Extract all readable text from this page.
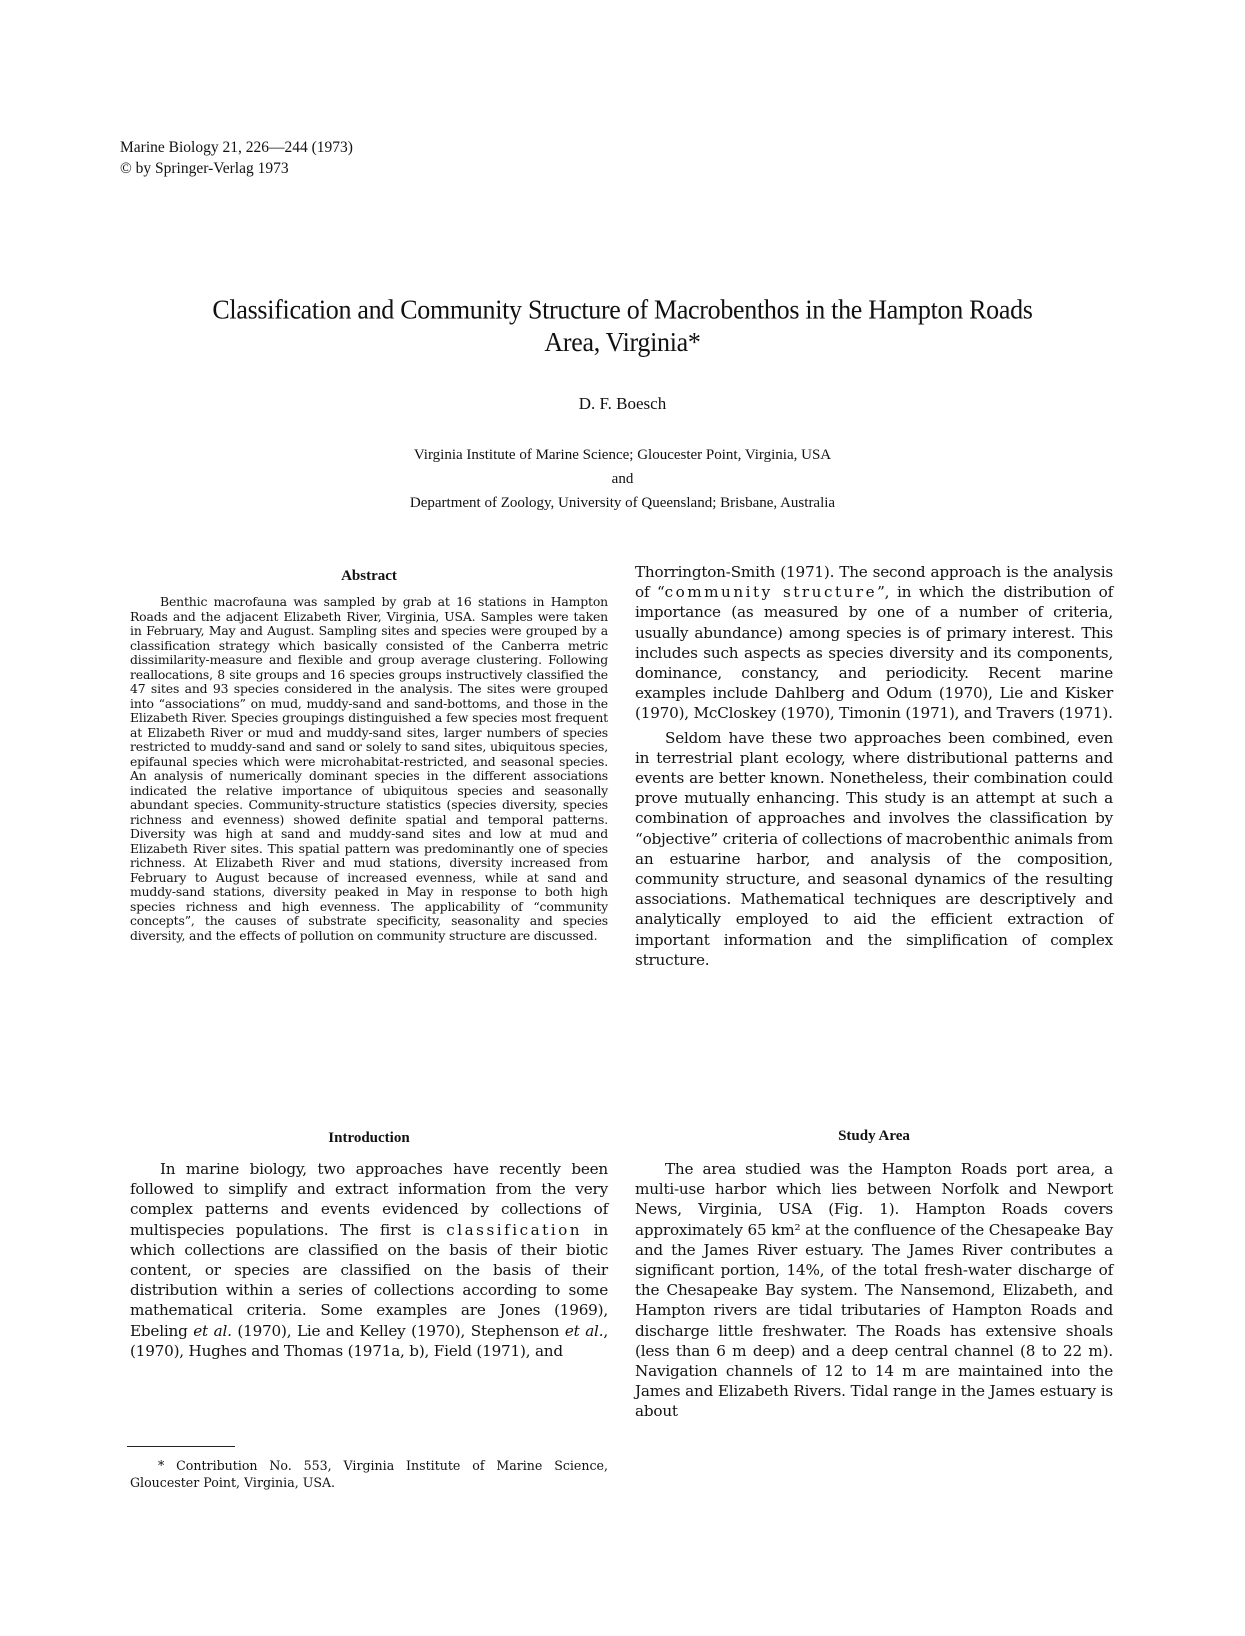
Marine Biology 21, 226—244 (1973)
© by Springer-Verlag 1973
Classification and Community Structure of Macrobenthos in the Hampton Roads
Area, Virginia*
D. F. Boesch
Virginia Institute of Marine Science; Gloucester Point, Virginia, USA
and
Department of Zoology, University of Queensland; Brisbane, Australia
Abstract

Benthic macrofauna was sampled by grab at 16 stations in Hampton Roads and the adjacent Elizabeth River, Virginia, USA. Samples were taken in February, May and August. Sampling sites and species were grouped by a classification strategy which basically consisted of the Canberra metric dissimilarity-measure and flexible and group average clustering. Following reallocations, 8 site groups and 16 species groups instructively classified the 47 sites and 93 species considered in the analysis. The sites were grouped into “associations” on mud, muddy-sand and sand-bottoms, and those in the Elizabeth River. Species groupings distinguished a few species most frequent at Elizabeth River or mud and muddy-sand sites, larger numbers of species restricted to muddy-sand and sand or solely to sand sites, ubiquitous species, epifaunal species which were microhabitat-restricted, and seasonal species. An analysis of numerically dominant species in the different associations indicated the relative importance of ubiquitous species and seasonally abundant species. Community-structure statistics (species diversity, species richness and evenness) showed definite spatial and temporal patterns. Diversity was high at sand and muddy-sand sites and low at mud and Elizabeth River sites. This spatial pattern was predominantly one of species richness. At Elizabeth River and mud stations, diversity increased from February to August because of increased evenness, while at sand and muddy-sand stations, diversity peaked in May in response to both high species richness and high evenness. The applicability of “community concepts”, the causes of substrate specificity, seasonality and species diversity, and the effects of pollution on community structure are discussed.

Introduction

In marine biology, two approaches have recently been followed to simplify and extract information from the very complex patterns and events evidenced by collections of multispecies populations. The first is classification in which collections are classified on the basis of their biotic content, or species are classified on the basis of their distribution within a series of collections according to some mathematical criteria. Some examples are Jones (1969), Ebeling et al. (1970), Lie and Kelley (1970), Stephenson et al., (1970), Hughes and Thomas (1971a, b), Field (1971), and

* Contribution No. 553, Virginia Institute of Marine Science, Gloucester Point, Virginia, USA.

Thorrington-Smith (1971). The second approach is the analysis of “community structure”, in which the distribution of importance (as measured by one of a number of criteria, usually abundance) among species is of primary interest. This includes such aspects as species diversity and its components, dominance, constancy, and periodicity. Recent marine examples include Dahlberg and Odum (1970), Lie and Kisker (1970), McCloskey (1970), Timonin (1971), and Travers (1971).

Seldom have these two approaches been combined, even in terrestrial plant ecology, where distributional patterns and events are better known. Nonetheless, their combination could prove mutually enhancing. This study is an attempt at such a combination of approaches and involves the classification by “objective” criteria of collections of macrobenthic animals from an estuarine harbor, and analysis of the composition, community structure, and seasonal dynamics of the resulting associations. Mathematical techniques are descriptively and analytically employed to aid the efficient extraction of important information and the simplification of complex structure.

Study Area

The area studied was the Hampton Roads port area, a multi-use harbor which lies between Norfolk and Newport News, Virginia, USA (Fig. 1). Hampton Roads covers approximately 65 km² at the confluence of the Chesapeake Bay and the James River estuary. The James River contributes a significant portion, 14%, of the total fresh-water discharge of the Chesapeake Bay system. The Nansemond, Elizabeth, and Hampton rivers are tidal tributaries of Hampton Roads and discharge little freshwater. The Roads has extensive shoals (less than 6 m deep) and a deep central channel (8 to 22 m). Navigation channels of 12 to 14 m are maintained into the James and Elizabeth Rivers. Tidal range in the James estuary is about
